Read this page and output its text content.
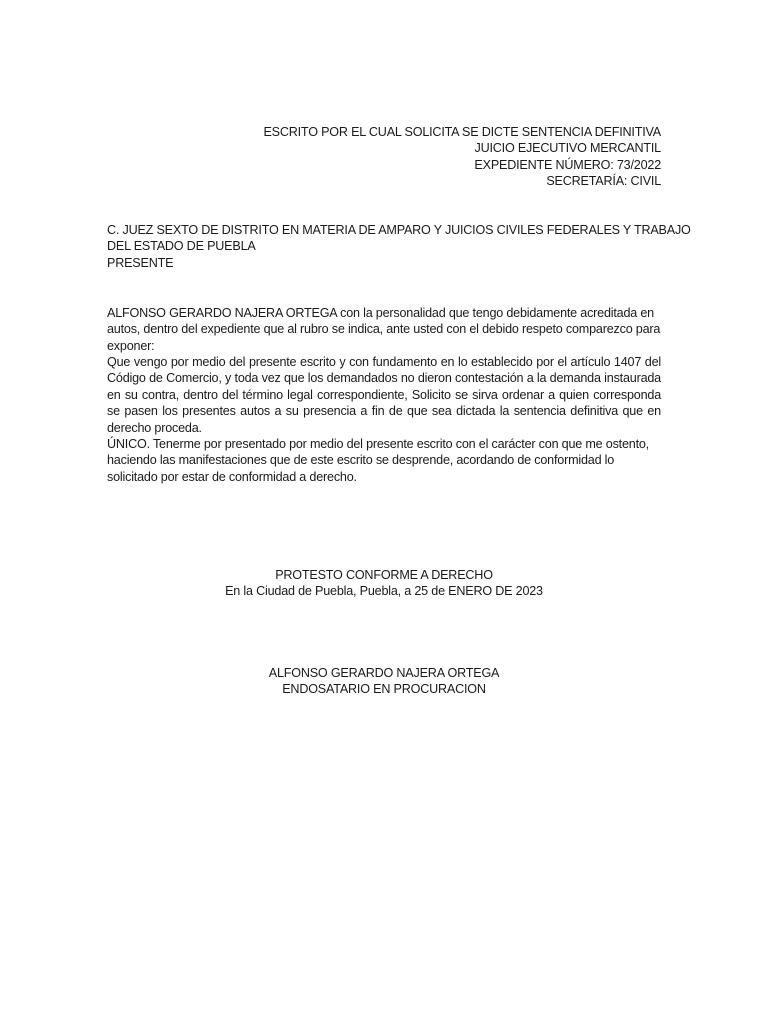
ESCRITO POR EL CUAL SOLICITA SE DICTE SENTENCIA DEFINITIVA
JUICIO EJECUTIVO MERCANTIL
EXPEDIENTE NÚMERO: 73/2022
SECRETARÍA: CIVIL
C. JUEZ SEXTO DE DISTRITO EN MATERIA DE AMPARO Y JUICIOS CIVILES FEDERALES Y TRABAJO
DEL ESTADO DE PUEBLA
PRESENTE

ALFONSO GERARDO NAJERA ORTEGA con la personalidad que tengo debidamente acreditada en autos, dentro del expediente que al rubro se indica, ante usted con el debido respeto comparezco para exponer:

Que vengo por medio del presente escrito y con fundamento en lo establecido por el artículo 1407 del Código de Comercio, y toda vez que los demandados no dieron contestación a la demanda instaurada en su contra, dentro del término legal correspondiente, Solicito se sirva ordenar a quien corresponda se pasen los presentes autos a su presencia a fin de que sea dictada la sentencia definitiva que en derecho proceda.

ÚNICO. Tenerme por presentado por medio del presente escrito con el carácter con que me ostento, haciendo las manifestaciones que de este escrito se desprende, acordando de conformidad lo solicitado por estar de conformidad a derecho.

PROTESTO CONFORME A DERECHO
En la Ciudad de Puebla, Puebla, a 25 de ENERO DE 2023
ALFONSO GERARDO NAJERA ORTEGA
ENDOSATARIO EN PROCURACION
